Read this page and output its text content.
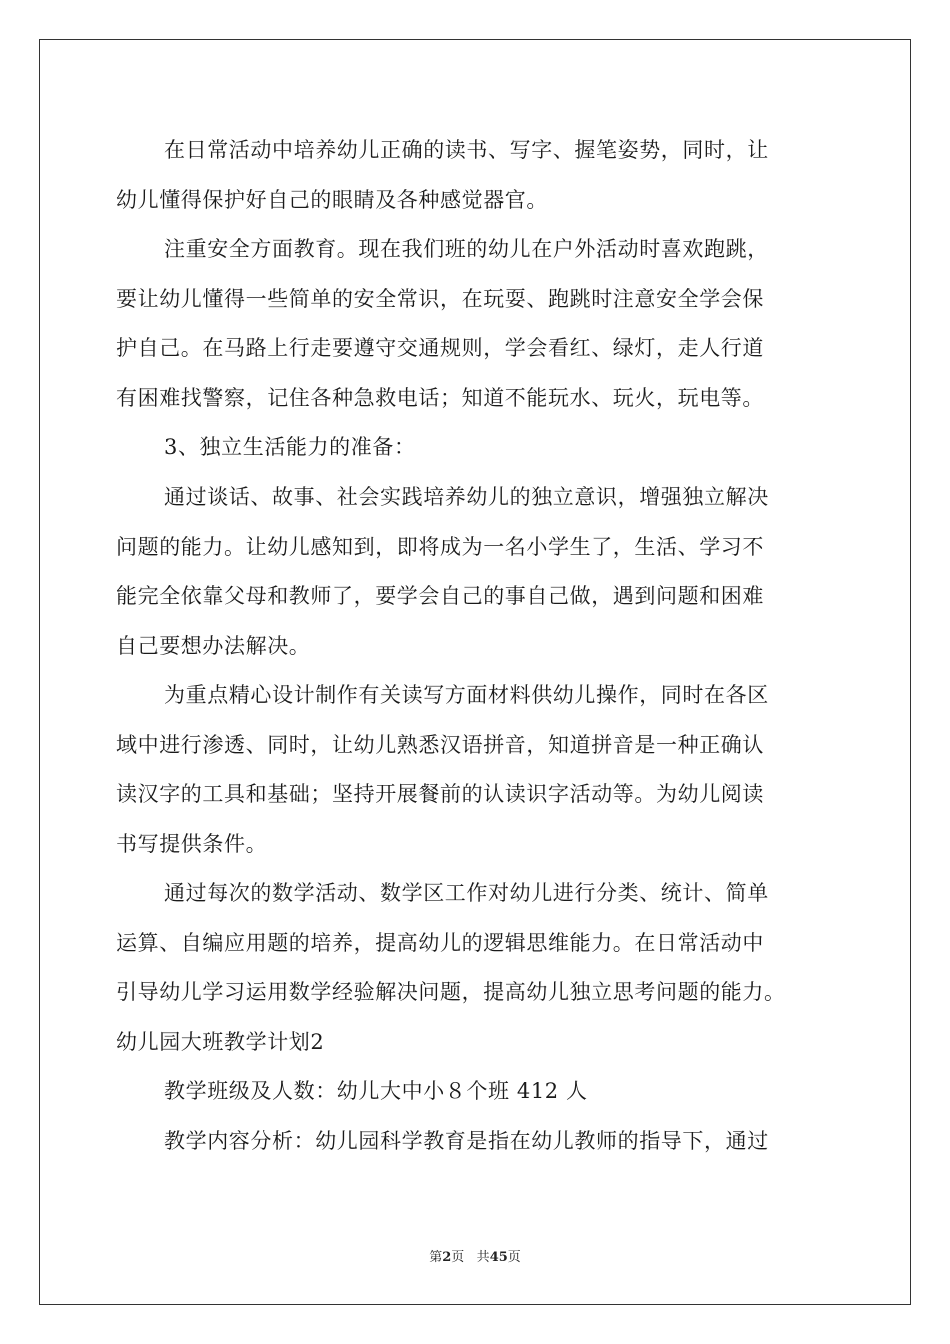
在日常活动中培养幼儿正确的读书、写字、握笔姿势，同时，让
幼儿懂得保护好自己的眼睛及各种感觉器官。
注重安全方面教育。现在我们班的幼儿在户外活动时喜欢跑跳，
要让幼儿懂得一些简单的安全常识，在玩耍、跑跳时注意安全学会保
护自己。在马路上行走要遵守交通规则，学会看红、绿灯，走人行道
有困难找警察，记住各种急救电话；知道不能玩水、玩火，玩电等。
3、独立生活能力的准备：
通过谈话、故事、社会实践培养幼儿的独立意识，增强独立解决
问题的能力。让幼儿感知到，即将成为一名小学生了，生活、学习不
能完全依靠父母和教师了，要学会自己的事自己做，遇到问题和困难
自己要想办法解决。
为重点精心设计制作有关读写方面材料供幼儿操作，同时在各区
域中进行渗透、同时，让幼儿熟悉汉语拼音，知道拼音是一种正确认
读汉字的工具和基础；坚持开展餐前的认读识字活动等。为幼儿阅读
书写提供条件。
通过每次的数学活动、数学区工作对幼儿进行分类、统计、简单
运算、自编应用题的培养，提高幼儿的逻辑思维能力。在日常活动中
引导幼儿学习运用数学经验解决问题，提高幼儿独立思考问题的能力。
幼儿园大班教学计划2
教学班级及人数：幼儿大中小８个班 412 人
教学内容分析：幼儿园科学教育是指在幼儿教师的指导下，通过
第2页 共45页
